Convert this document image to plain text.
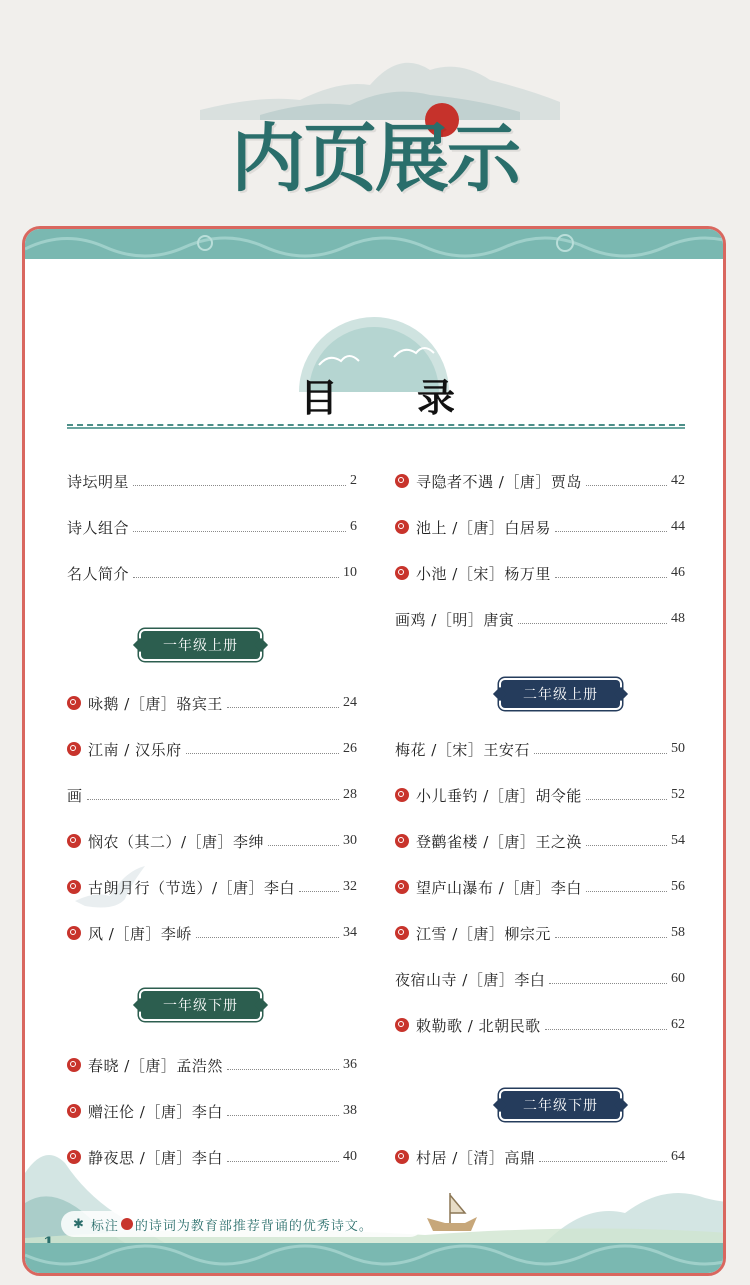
内页展示
目 录
诗坛明星	2
诗人组合	6
名人简介	10
一年级上册
咏鹅 /［唐］骆宾王	24
江南 / 汉乐府	26
画	28
悯农（其二）/［唐］李绅	30
古朗月行（节选）/［唐］李白	32
风 /［唐］李峤	34
一年级下册
春晓 /［唐］孟浩然	36
赠汪伦 /［唐］李白	38
静夜思 /［唐］李白	40
寻隐者不遇 /［唐］贾岛	42
池上 /［唐］白居易	44
小池 /［宋］杨万里	46
画鸡 /［明］唐寅	48
二年级上册
梅花 /［宋］王安石	50
小儿垂钓 /［唐］胡令能	52
登鹳雀楼 /［唐］王之涣	54
望庐山瀑布 /［唐］李白	56
江雪 /［唐］柳宗元	58
夜宿山寺 /［唐］李白	60
敕勒歌 / 北朝民歌	62
二年级下册
村居 /［清］高鼎	64
✱ 标注 的诗词为教育部推荐背诵的优秀诗文。
